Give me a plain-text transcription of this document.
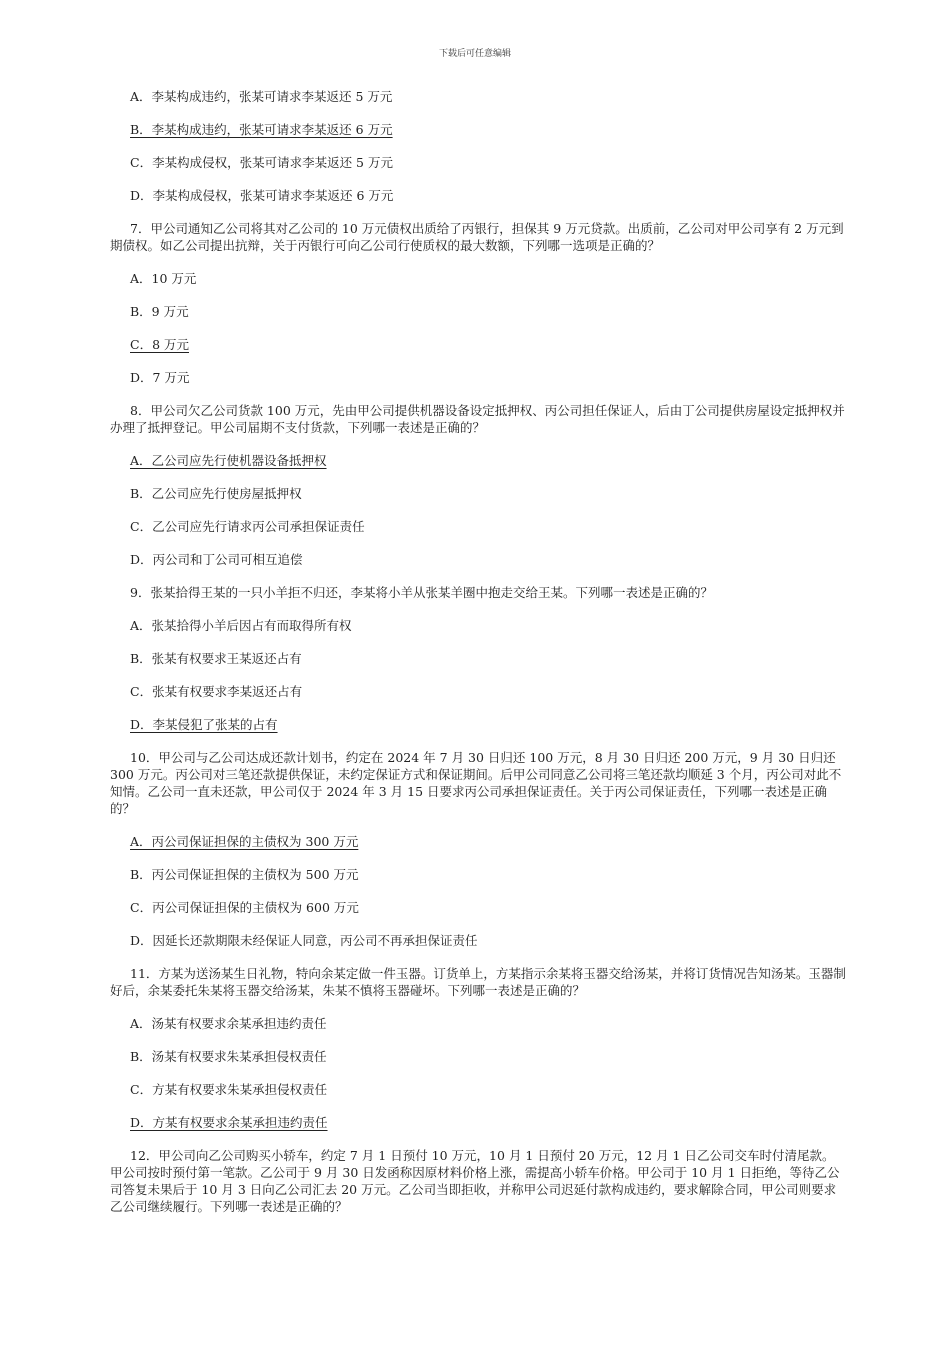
下载后可任意编辑

A．李某构成违约，张某可请求李某返还 5 万元

B．李某构成违约，张某可请求李某返还 6 万元

C．李某构成侵权，张某可请求李某返还 5 万元

D．李某构成侵权，张某可请求李某返还 6 万元

7．甲公司通知乙公司将其对乙公司的 10 万元债权出质给了丙银行，担保其 9 万元贷款。出质前，乙公司对甲公司享有 2 万元到期债权。如乙公司提出抗辩，关于丙银行可向乙公司行使质权的最大数额，下列哪一选项是正确的？

A．10 万元

B．9 万元

C．8 万元

D．7 万元

8．甲公司欠乙公司货款 100 万元，先由甲公司提供机器设备设定抵押权、丙公司担任保证人，后由丁公司提供房屋设定抵押权并办理了抵押登记。甲公司届期不支付货款，下列哪一表述是正确的？

A．乙公司应先行使机器设备抵押权

B．乙公司应先行使房屋抵押权

C．乙公司应先行请求丙公司承担保证责任

D．丙公司和丁公司可相互追偿

9．张某拾得王某的一只小羊拒不归还，李某将小羊从张某羊圈中抱走交给王某。下列哪一表述是正确的？

A．张某拾得小羊后因占有而取得所有权

B．张某有权要求王某返还占有

C．张某有权要求李某返还占有

D．李某侵犯了张某的占有

10．甲公司与乙公司达成还款计划书，约定在 2024 年 7 月 30 日归还 100 万元，8 月 30 日归还 200 万元，9 月 30 日归还 300 万元。丙公司对三笔还款提供保证，未约定保证方式和保证期间。后甲公司同意乙公司将三笔还款均顺延 3 个月，丙公司对此不知情。乙公司一直未还款，甲公司仅于 2024 年 3 月 15 日要求丙公司承担保证责任。关于丙公司保证责任，下列哪一表述是正确的？

A．丙公司保证担保的主债权为 300 万元

B．丙公司保证担保的主债权为 500 万元

C．丙公司保证担保的主债权为 600 万元

D．因延长还款期限未经保证人同意，丙公司不再承担保证责任

11．方某为送汤某生日礼物，特向余某定做一件玉器。订货单上，方某指示余某将玉器交给汤某，并将订货情况告知汤某。玉器制好后，余某委托朱某将玉器交给汤某，朱某不慎将玉器碰坏。下列哪一表述是正确的？

A．汤某有权要求余某承担违约责任

B．汤某有权要求朱某承担侵权责任

C．方某有权要求朱某承担侵权责任

D．方某有权要求余某承担违约责任

12．甲公司向乙公司购买小轿车，约定 7 月 1 日预付 10 万元，10 月 1 日预付 20 万元，12 月 1 日乙公司交车时付清尾款。甲公司按时预付第一笔款。乙公司于 9 月 30 日发函称因原材料价格上涨，需提高小轿车价格。甲公司于 10 月 1 日拒绝，等待乙公司答复未果后于 10 月 3 日向乙公司汇去 20 万元。乙公司当即拒收，并称甲公司迟延付款构成违约，要求解除合同，甲公司则要求乙公司继续履行。下列哪一表述是正确的？
